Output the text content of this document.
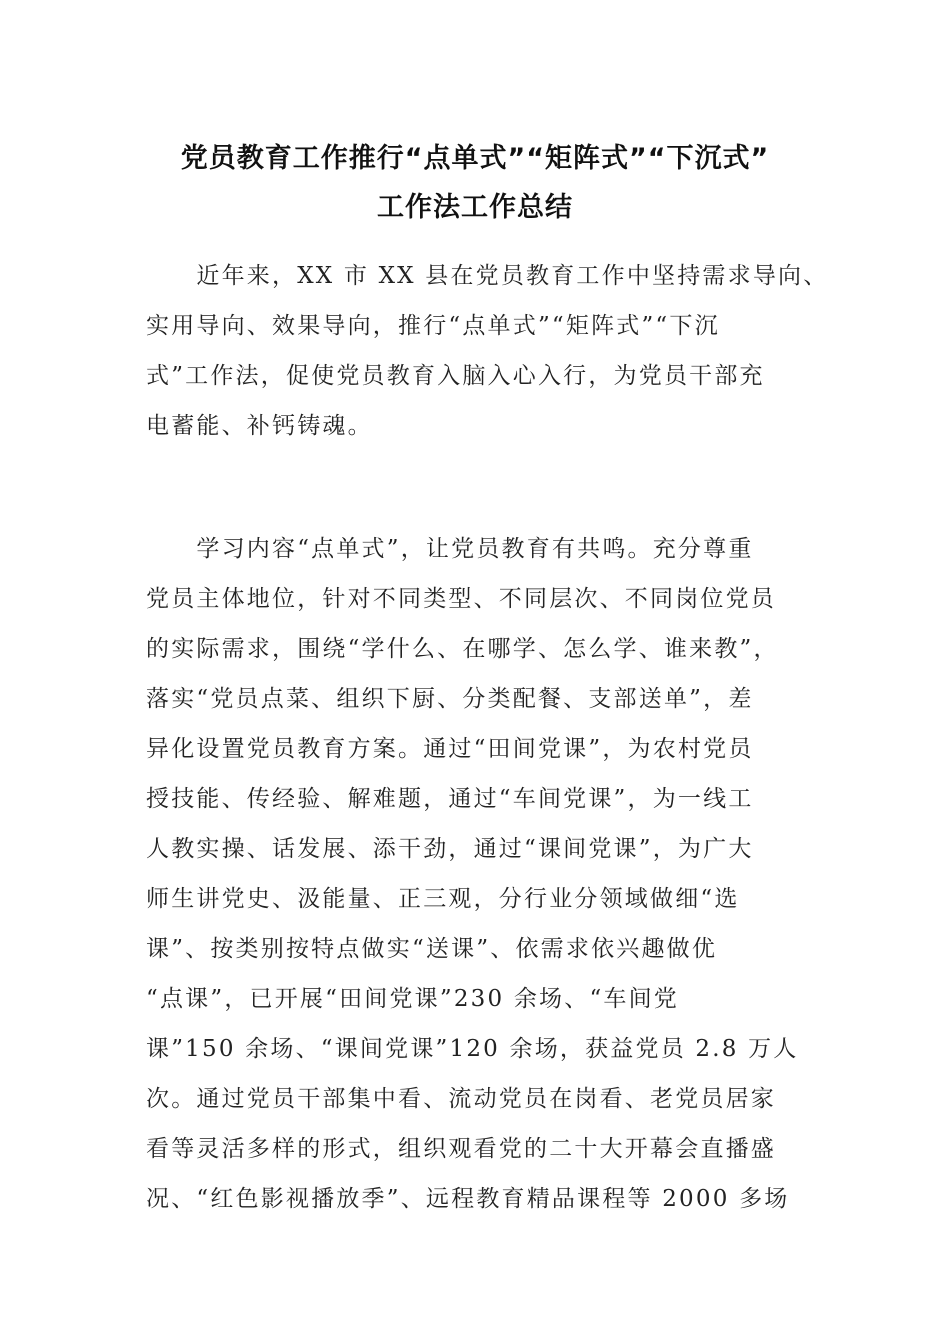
党员教育工作推行“点单式”“矩阵式”“下沉式”
工作法工作总结
　　近年来，XX 市 XX 县在党员教育工作中坚持需求导向、
实用导向、效果导向，推行“点单式”“矩阵式”“下沉
式”工作法，促使党员教育入脑入心入行，为党员干部充
电蓄能、补钙铸魂。
　　学习内容“点单式”，让党员教育有共鸣。充分尊重
党员主体地位，针对不同类型、不同层次、不同岗位党员
的实际需求，围绕“学什么、在哪学、怎么学、谁来教”，
落实“党员点菜、组织下厨、分类配餐、支部送单”，差
异化设置党员教育方案。通过“田间党课”，为农村党员
授技能、传经验、解难题，通过“车间党课”，为一线工
人教实操、话发展、添干劲，通过“课间党课”，为广大
师生讲党史、汲能量、正三观，分行业分领域做细“选
课”、按类别按特点做实“送课”、依需求依兴趣做优
“点课”，已开展“田间党课”230 余场、“车间党
课”150 余场、“课间党课”120 余场，获益党员 2.8 万人
次。通过党员干部集中看、流动党员在岗看、老党员居家
看等灵活多样的形式，组织观看党的二十大开幕会直播盛
况、“红色影视播放季”、远程教育精品课程等 2000 多场
